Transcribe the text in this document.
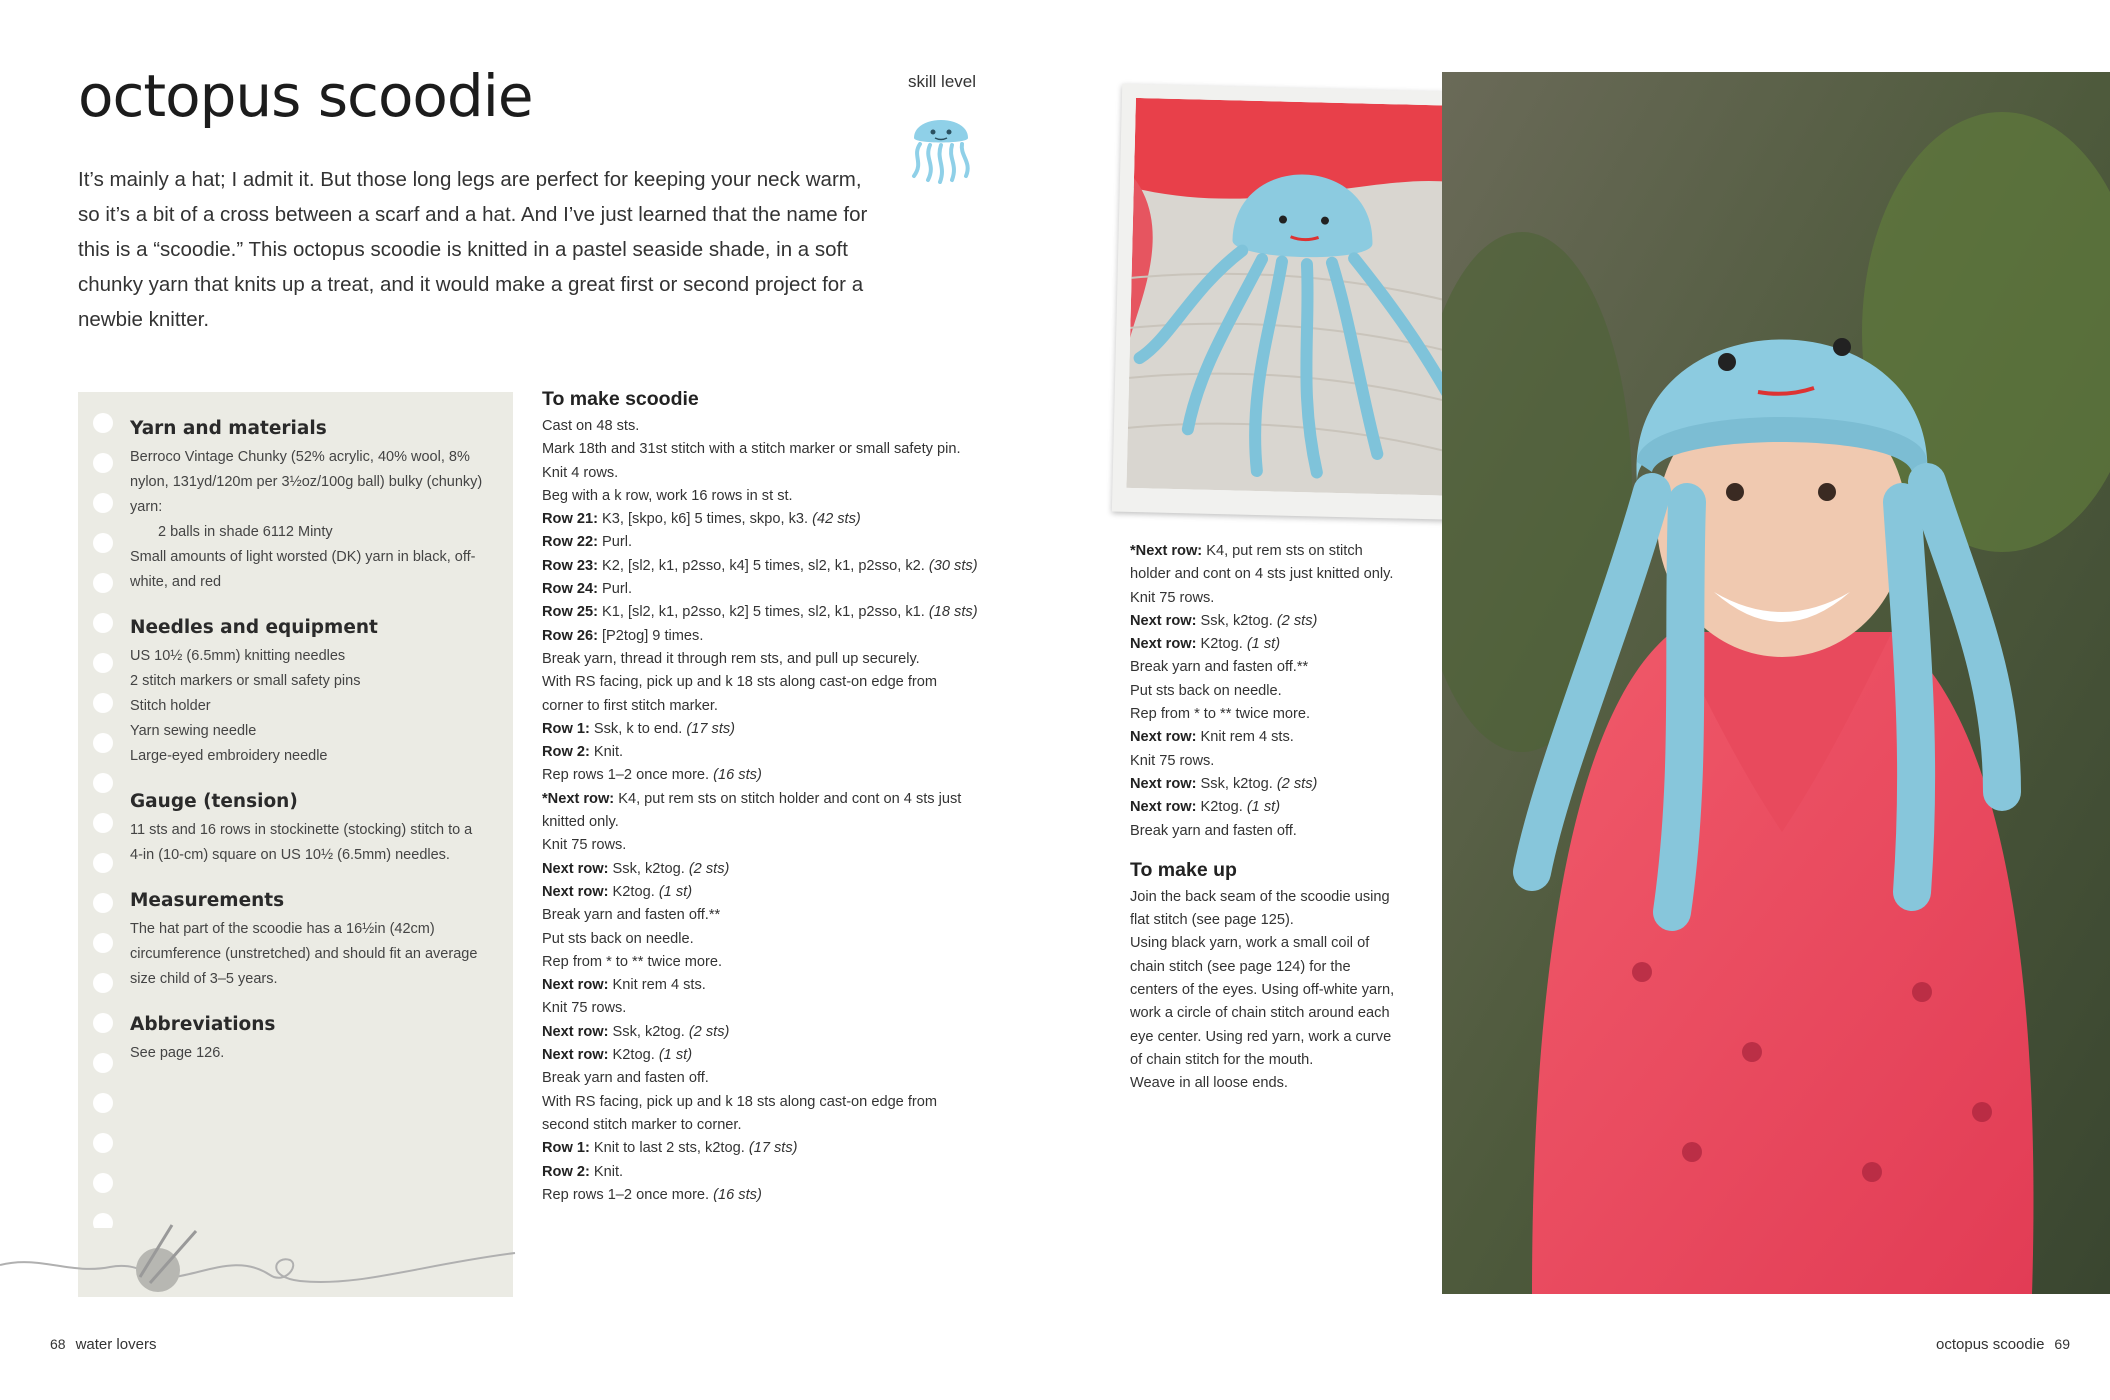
octopus scoodie

It’s mainly a hat; I admit it. But those long legs are perfect for keeping your neck warm, so it’s a bit of a cross between a scarf and a hat. And I’ve just learned that the name for this is a “scoodie.” This octopus scoodie is knitted in a pastel seaside shade, in a soft chunky yarn that knits up a treat, and it would make a great first or second project for a newbie knitter.

skill level
Yarn and materials

Berroco Vintage Chunky (52% acrylic, 40% wool, 8% nylon, 131yd/120m per 3½oz/100g ball) bulky (chunky) yarn:
2 balls in shade 6112 Minty
Small amounts of light worsted (DK) yarn in black, off-white, and red

Needles and equipment

US 10½ (6.5mm) knitting needles
2 stitch markers or small safety pins
Stitch holder
Yarn sewing needle
Large-eyed embroidery needle

Gauge (tension)

11 sts and 16 rows in stockinette (stocking) stitch to a 4-in (10-cm) square on US 10½ (6.5mm) needles.

Measurements

The hat part of the scoodie has a 16½in (42cm) circumference (unstretched) and should fit an average size child of 3–5 years.

Abbreviations

See page 126.

To make scoodie
Cast on 48 sts.
Mark 18th and 31st stitch with a stitch marker or small safety pin.
Knit 4 rows.
Beg with a k row, work 16 rows in st st.
Row 21: K3, [skpo, k6] 5 times, skpo, k3. (42 sts)
Row 22: Purl.
Row 23: K2, [sl2, k1, p2sso, k4] 5 times, sl2, k1, p2sso, k2. (30 sts)
Row 24: Purl.
Row 25: K1, [sl2, k1, p2sso, k2] 5 times, sl2, k1, p2sso, k1. (18 sts)
Row 26: [P2tog] 9 times.
Break yarn, thread it through rem sts, and pull up securely.
With RS facing, pick up and k 18 sts along cast-on edge from corner to first stitch marker.
Row 1: Ssk, k to end. (17 sts)
Row 2: Knit.
Rep rows 1–2 once more. (16 sts)
*Next row: K4, put rem sts on stitch holder and cont on 4 sts just knitted only.
Knit 75 rows.
Next row: Ssk, k2tog. (2 sts)
Next row: K2tog. (1 st)
Break yarn and fasten off.**
Put sts back on needle.
Rep from * to ** twice more.
Next row: Knit rem 4 sts.
Knit 75 rows.
Next row: Ssk, k2tog. (2 sts)
Next row: K2tog. (1 st)
Break yarn and fasten off.
With RS facing, pick up and k 18 sts along cast-on edge from second stitch marker to corner.
Row 1: Knit to last 2 sts, k2tog. (17 sts)
Row 2: Knit.
Rep rows 1–2 once more. (16 sts)
*Next row: K4, put rem sts on stitch holder and cont on 4 sts just knitted only.
Knit 75 rows.
Next row: Ssk, k2tog. (2 sts)
Next row: K2tog. (1 st)
Break yarn and fasten off.**
Put sts back on needle.
Rep from * to ** twice more.
Next row: Knit rem 4 sts.
Knit 75 rows.
Next row: Ssk, k2tog. (2 sts)
Next row: K2tog. (1 st)
Break yarn and fasten off.
To make up
Join the back seam of the scoodie using flat stitch (see page 125).
Using black yarn, work a small coil of chain stitch (see page 124) for the centers of the eyes. Using off-white yarn, work a circle of chain stitch around each eye center. Using red yarn, work a curve of chain stitch for the mouth.
Weave in all loose ends.
68 water lovers	octopus scoodie 69
